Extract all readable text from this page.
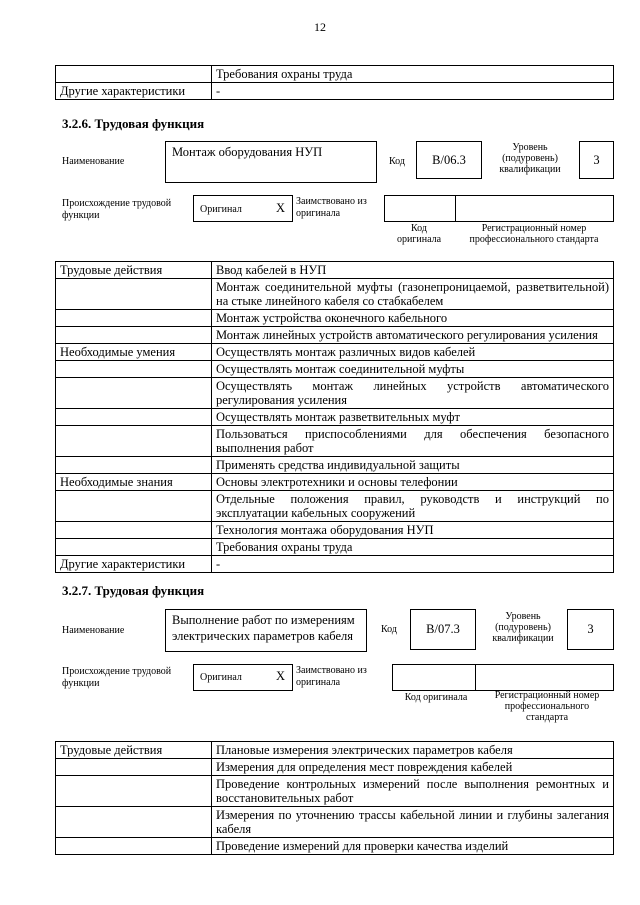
12
	Требования охраны труда
Другие характеристики	-
3.2.6. Трудовая функция
Наименование
Монтаж оборудования НУП
Код	B/06.3
Уровень (подуровень) квалификации
3
Происхождение трудовой функции
Оригинал	X Заимствовано из оригинала
Код оригинала
Регистрационный номер профессионального стандарта
Трудовые действия	Ввод кабелей в НУП
	Монтаж соединительной муфты (газонепроницаемой, разветвительной) на стыке линейного кабеля со стабкабелем
	Монтаж устройства оконечного кабельного
	Монтаж линейных устройств автоматического регулирования усиления
Необходимые умения	Осуществлять монтаж различных видов кабелей
	Осуществлять монтаж соединительной муфты
	Осуществлять монтаж линейных устройств автоматического регулирования усиления
	Осуществлять монтаж разветвительных муфт
	Пользоваться приспособлениями для обеспечения безопасного выполнения работ
	Применять средства индивидуальной защиты
Необходимые знания	Основы электротехники и основы телефонии
	Отдельные положения правил, руководств и инструкций по эксплуатации кабельных сооружений
	Технология монтажа оборудования НУП
	Требования охраны труда
Другие характеристики	-
3.2.7. Трудовая функция
Наименование
Выполнение работ по измерениям электрических параметров кабеля	Код	B/07.3
Уровень (подуровень) квалификации
3
Происхождение трудовой функции
Оригинал	X Заимствовано из оригинала
Код оригинала	Регистрационный номер профессионального стандарта
Трудовые действия	Плановые измерения электрических параметров кабеля
	Измерения для определения мест повреждения кабелей
	Проведение контрольных измерений после выполнения ремонтных и восстановительных работ
	Измерения по уточнению трассы кабельной линии и глубины залегания кабеля
	Проведение измерений для проверки качества изделий
